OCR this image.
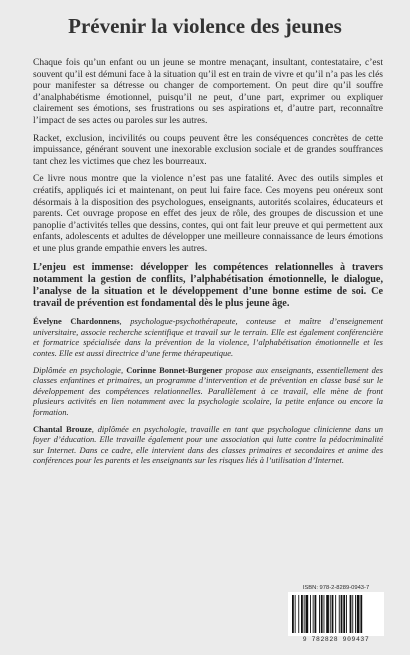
Prévenir la violence des jeunes

Chaque fois qu’un enfant ou un jeune se montre menaçant, insultant, contestataire, c’est souvent qu’il est démuni face à la situation qu’il est en train de vivre et qu’il n’a pas les clés pour manifester sa détresse ou changer de comportement. On peut dire qu’il souffre d’analphabétisme émotionnel, puisqu’il ne peut, d’une part, exprimer ou expliquer clairement ses émotions, ses frustrations ou ses aspirations et, d’autre part, reconnaître l’impact de ses actes ou paroles sur les autres.

Racket, exclusion, incivilités ou coups peuvent être les conséquences concrètes de cette impuissance, générant souvent une inexorable exclusion sociale et de grandes souffrances tant chez les victimes que chez les bourreaux.

Ce livre nous montre que la violence n’est pas une fatalité. Avec des outils simples et créatifs, appliqués ici et maintenant, on peut lui faire face. Ces moyens peu onéreux sont désormais à la disposition des psychologues, enseignants, autorités scolaires, éducateurs et parents. Cet ouvrage propose en effet des jeux de rôle, des groupes de discussion et une panoplie d’activités telles que dessins, contes, qui ont fait leur preuve et qui permettent aux enfants, adolescents et adultes de développer une meilleure connaissance de leurs émotions et une plus grande empathie envers les autres.

L’enjeu est immense: développer les compétences relationnelles à travers notamment la gestion de conflits, l’alphabétisation émotionnelle, le dialogue, l’analyse de la situation et le développement d’une bonne estime de soi. Ce travail de prévention est fondamental dès le plus jeune âge.

Évelyne Chardonnens, psychologue-psychothérapeute, conteuse et maître d’enseignement universitaire, associe recherche scientifique et travail sur le terrain. Elle est également conférencière et formatrice spécialisée dans la prévention de la violence, l’alphabétisation émotionnelle et les contes. Elle est aussi directrice d’une ferme thérapeutique.

Diplômée en psychologie, Corinne Bonnet-Burgener propose aux enseignants, essentiellement des classes enfantines et primaires, un programme d’intervention et de prévention en classe basé sur le développement des compétences relationnelles. Parallèlement à ce travail, elle mène de front plusieurs activités en lien notamment avec la psychologie scolaire, la petite enfance ou encore la formation.

Chantal Brouze, diplômée en psychologie, travaille en tant que psychologue clinicienne dans un foyer d’éducation. Elle travaille également pour une association qui lutte contre la pédocriminalité sur Internet. Dans ce cadre, elle intervient dans des classes primaires et secondaires et anime des conférences pour les parents et les enseignants sur les risques liés à l’utilisation d’Internet.

ISBN: 978-2-8289-0943-7
9 782828 909437
